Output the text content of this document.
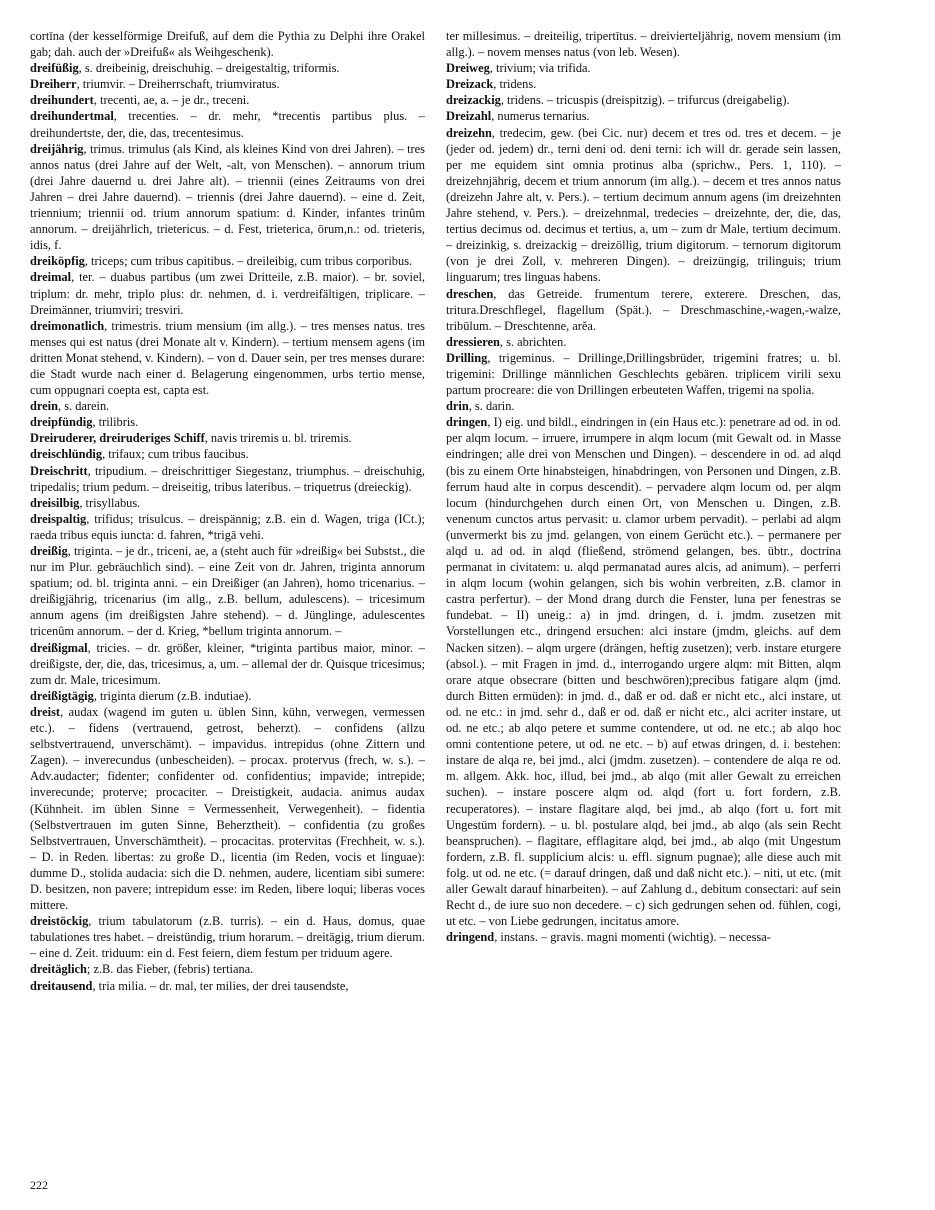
cortīna (der kesselförmige Dreifuß, auf dem die Pythia zu Delphi ihre Orakel gab; dah. auch der »Dreifuß« als Weihgeschenk).

dreifüßig, s. dreibeinig, dreischuhig. – dreigestaltig, triformis.

Dreiherr, triumvir. – Dreiherrschaft, triumviratus.

dreihundert, trecenti, ae, a. – je dr., treceni.

dreihundertmal, trecenties. – dr. mehr, *trecentis partibus plus. – dreihundertste, der, die, das, trecentesimus.

dreijährig, trimus. trimulus (als Kind, als kleines Kind von drei Jahren). – tres annos natus (drei Jahre auf der Welt, -alt, von Menschen). – annorum trium (drei Jahre dauernd u. drei Jahre alt). – triennii (eines Zeitraums von drei Jahren – drei Jahre dauernd). – triennis (drei Jahre dauernd). – eine d. Zeit, triennium; triennii od. trium annorum spatium: d. Kinder, infantes trinûm annorum. – dreijährlich, trietericus. – d. Fest, trieterica, ōrum,n.: od. trieteris, idis, f.

dreiköpfig, triceps; cum tribus capitibus. – dreileibig, cum tribus corporibus.

dreimal, ter. – duabus partibus (um zwei Dritteile, z.B. maior). – br. soviel, triplum: dr. mehr, triplo plus: dr. nehmen, d. i. verdreifältigen, triplicare. – Dreimänner, triumviri; tresviri.

dreimonatlich, trimestris. trium mensium (im allg.). – tres menses natus. tres menses qui est natus (drei Monate alt v. Kindern). – tertium mensem agens (im dritten Monat stehend, v. Kindern). – von d. Dauer sein, per tres menses durare: die Stadt wurde nach einer d. Belagerung eingenommen, urbs tertio mense, cum oppugnari coepta est, capta est.

drein, s. darein.

dreipfündig, trilibris.

Dreiruderer, dreiruderiges Schiff, navis triremis u. bl. triremis.

dreischlündig, trifaux; cum tribus faucibus.

Dreischritt, tripudium. – dreischrittiger Siegestanz, triumphus. – dreischuhig, tripedalis; trium pedum. – dreiseitig, tribus lateribus. – triquetrus (dreieckig).

dreisilbig, trisyllabus.

dreispaltig, trifidus; trisulcus. – dreispännig; z.B. ein d. Wagen, triga (ICt.); raeda tribus equis iuncta: d. fahren, *trigā vehi.

dreißig, triginta. – je dr., triceni, ae, a (steht auch für »dreißig« bei Substst., die nur im Plur. gebräuchlich sind). – eine Zeit von dr. Jahren, triginta annorum spatium; od. bl. triginta anni. – ein Dreißiger (an Jahren), homo tricenarius. – dreißigjährig, tricenarius (im allg., z.B. bellum, adulescens). – tricesimum annum agens (im dreißigsten Jahre stehend). – d. Jünglinge, adulescentes tricenûm annorum. – der d. Krieg, *bellum triginta annorum. –

dreißigmal, tricies. – dr. größer, kleiner, *triginta partibus maior, minor. – dreißigste, der, die, das, tricesimus, a, um. – allemal der dr. Quisque tricesimus; zum dr. Male, tricesimum.

dreißigtägig, triginta dierum (z.B. indutiae).

dreist, audax (wagend im guten u. üblen Sinn, kühn, verwegen, vermessen etc.). – fidens (vertrauend, getrost, beherzt). – confidens (allzu selbstvertrauend, unverschämt). – impavidus. intrepidus (ohne Zittern und Zagen). – inverecundus (unbescheiden). – procax. protervus (frech, w. s.). – Adv.audacter; fidenter; confidenter od. confidentius; impavide; intrepide; inverecunde; proterve; procaciter. – Dreistigkeit, audacia. animus audax (Kühnheit. im üblen Sinne = Vermessenheit, Verwegenheit). – fidentia (Selbstvertrauen im guten Sinne, Beherztheit). – confidentia (zu großes Selbstvertrauen, Unverschämtheit). – procacitas. protervitas (Frechheit, w. s.). – D. in Reden. libertas: zu große D., licentia (im Reden, vocis et linguae): dumme D., stolida audacia: sich die D. nehmen, audere, licentiam sibi sumere: D. besitzen, non pavere; intrepidum esse: im Reden, libere loqui; liberas voces mittere.

dreistöckig, trium tabulatorum (z.B. turris). – ein d. Haus, domus, quae tabulationes tres habet. – dreistündig, trium horarum. – dreitägig, trium dierum. – eine d. Zeit. triduum: ein d. Fest feiern, diem festum per triduum agere.

dreitäglich; z.B. das Fieber, (febris) tertiana.

dreitausend, tria milia. – dr. mal, ter milies, der drei tausendste,

ter millesimus. – dreiteilig, tripertītus. – dreivierteljährig, novem mensium (im allg.). – novem menses natus (von leb. Wesen).

Dreiweg, trivium; via trifida.

Dreizack, tridens.

dreizackig, tridens. – tricuspis (dreispitzig). – trifurcus (dreigabelig).

Dreizahl, numerus ternarius.

dreizehn, tredecim, gew. (bei Cic. nur) decem et tres od. tres et decem. – je (jeder od. jedem) dr., terni deni od. deni terni: ich will dr. gerade sein lassen, per me equidem sint omnia protinus alba (sprichw., Pers. 1, 110). – dreizehnjährig, decem et trium annorum (im allg.). – decem et tres annos natus (dreizehn Jahre alt, v. Pers.). – tertium decimum annum agens (im dreizehnten Jahre stehend, v. Pers.). – dreizehnmal, tredecies – dreizehnte, der, die, das, tertius decimus od. decimus et tertius, a, um – zum dr Male, tertium decimum. – dreizinkig, s. dreizackig – dreizöllig, trium digitorum. – ternorum digitorum (von je drei Zoll, v. mehreren Dingen). – dreizüngig, trilinguis; trium linguarum; tres linguas habens.

dreschen, das Getreide. frumentum terere, exterere. Dreschen, das, tritura.Dreschflegel, flagellum (Spät.). – Dreschmaschine,-wagen,-walze, tribūlum. – Dreschtenne, arĕa.

dressieren, s. abrichten.

Drilling, trigeminus. – Drillinge,Drillingsbrüder, trigemini fratres; u. bl. trigemini: Drillinge männlichen Geschlechts gebären. triplicem virili sexu partum procreare: die von Drillingen erbeuteten Waffen, trigemi na spolia.

drin, s. darin.

dringen, I) eig. und bildl., eindringen in (ein Haus etc.): penetrare ad od. in od. per alqm locum. – irruere, irrumpere in alqm locum (mit Gewalt od. in Masse eindringen; alle drei von Menschen und Dingen). – descendere in od. ad alqd (bis zu einem Orte hinabsteigen, hinabdringen, von Personen und Dingen, z.B. ferrum haud alte in corpus descendit). – pervadere alqm locum od. per alqm locum (hindurchgehen durch einen Ort, von Menschen u. Dingen, z.B. venenum cunctos artus pervasit: u. clamor urbem pervadit). – perlabi ad alqm (unvermerkt bis zu jmd. gelangen, von einem Gerücht etc.). – permanere per alqd u. ad od. in alqd (fließend, strömend gelangen, bes. übtr., doctrina permanat in civitatem: u. alqd permanatad aures alcis, ad animum). – perferri in alqm locum (wohin gelangen, sich bis wohin verbreiten, z.B. clamor in castra perfertur). – der Mond drang durch die Fenster, luna per fenestras se fundebat. – II) uneig.: a) in jmd. dringen, d. i. jmdm. zusetzen mit Vorstellungen etc., dringend ersuchen: alci instare (jmdm, gleichs. auf dem Nacken sitzen). – alqm urgere (drängen, heftig zusetzen); verb. instare eturgere (absol.). – mit Fragen in jmd. d., interrogando urgere alqm: mit Bitten, alqm orare atque obsecrare (bitten und beschwören);precibus fatigare alqm (jmd. durch Bitten ermüden): in jmd. d., daß er od. daß er nicht etc., alci instare, ut od. ne etc.: in jmd. sehr d., daß er od. daß er nicht etc., alci acriter instare, ut od. ne etc.; ab alqo petere et summe contendere, ut od. ne etc.; ab alqo hoc omni contentione petere, ut od. ne etc. – b) auf etwas dringen, d. i. bestehen: instare de alqa re, bei jmd., alci (jmdm. zusetzen). – contendere de alqa re od. m. allgem. Akk. hoc, illud, bei jmd., ab alqo (mit aller Gewalt zu erreichen suchen). – instare poscere alqm od. alqd (fort u. fort fordern, z.B. recuperatores). – instare flagitare alqd, bei jmd., ab alqo (fort u. fort mit Ungestüm fordern). – u. bl. postulare alqd, bei jmd., ab alqo (als sein Recht beanspruchen). – flagitare, efflagitare alqd, bei jmd., ab alqo (mit Ungestum fordern, z.B. fl. supplicium alcis: u. effl. signum pugnae); alle diese auch mit folg. ut od. ne etc. (= darauf dringen, daß und daß nicht etc.). – niti, ut etc. (mit aller Gewalt darauf hinarbeiten). – auf Zahlung d., debitum consectari: auf sein Recht d., de iure suo non decedere. – c) sich gedrungen sehen od. fühlen, cogi, ut etc. – von Liebe gedrungen, incitatus amore.

dringend, instans. – gravis. magni momenti (wichtig). – necessa-

222
